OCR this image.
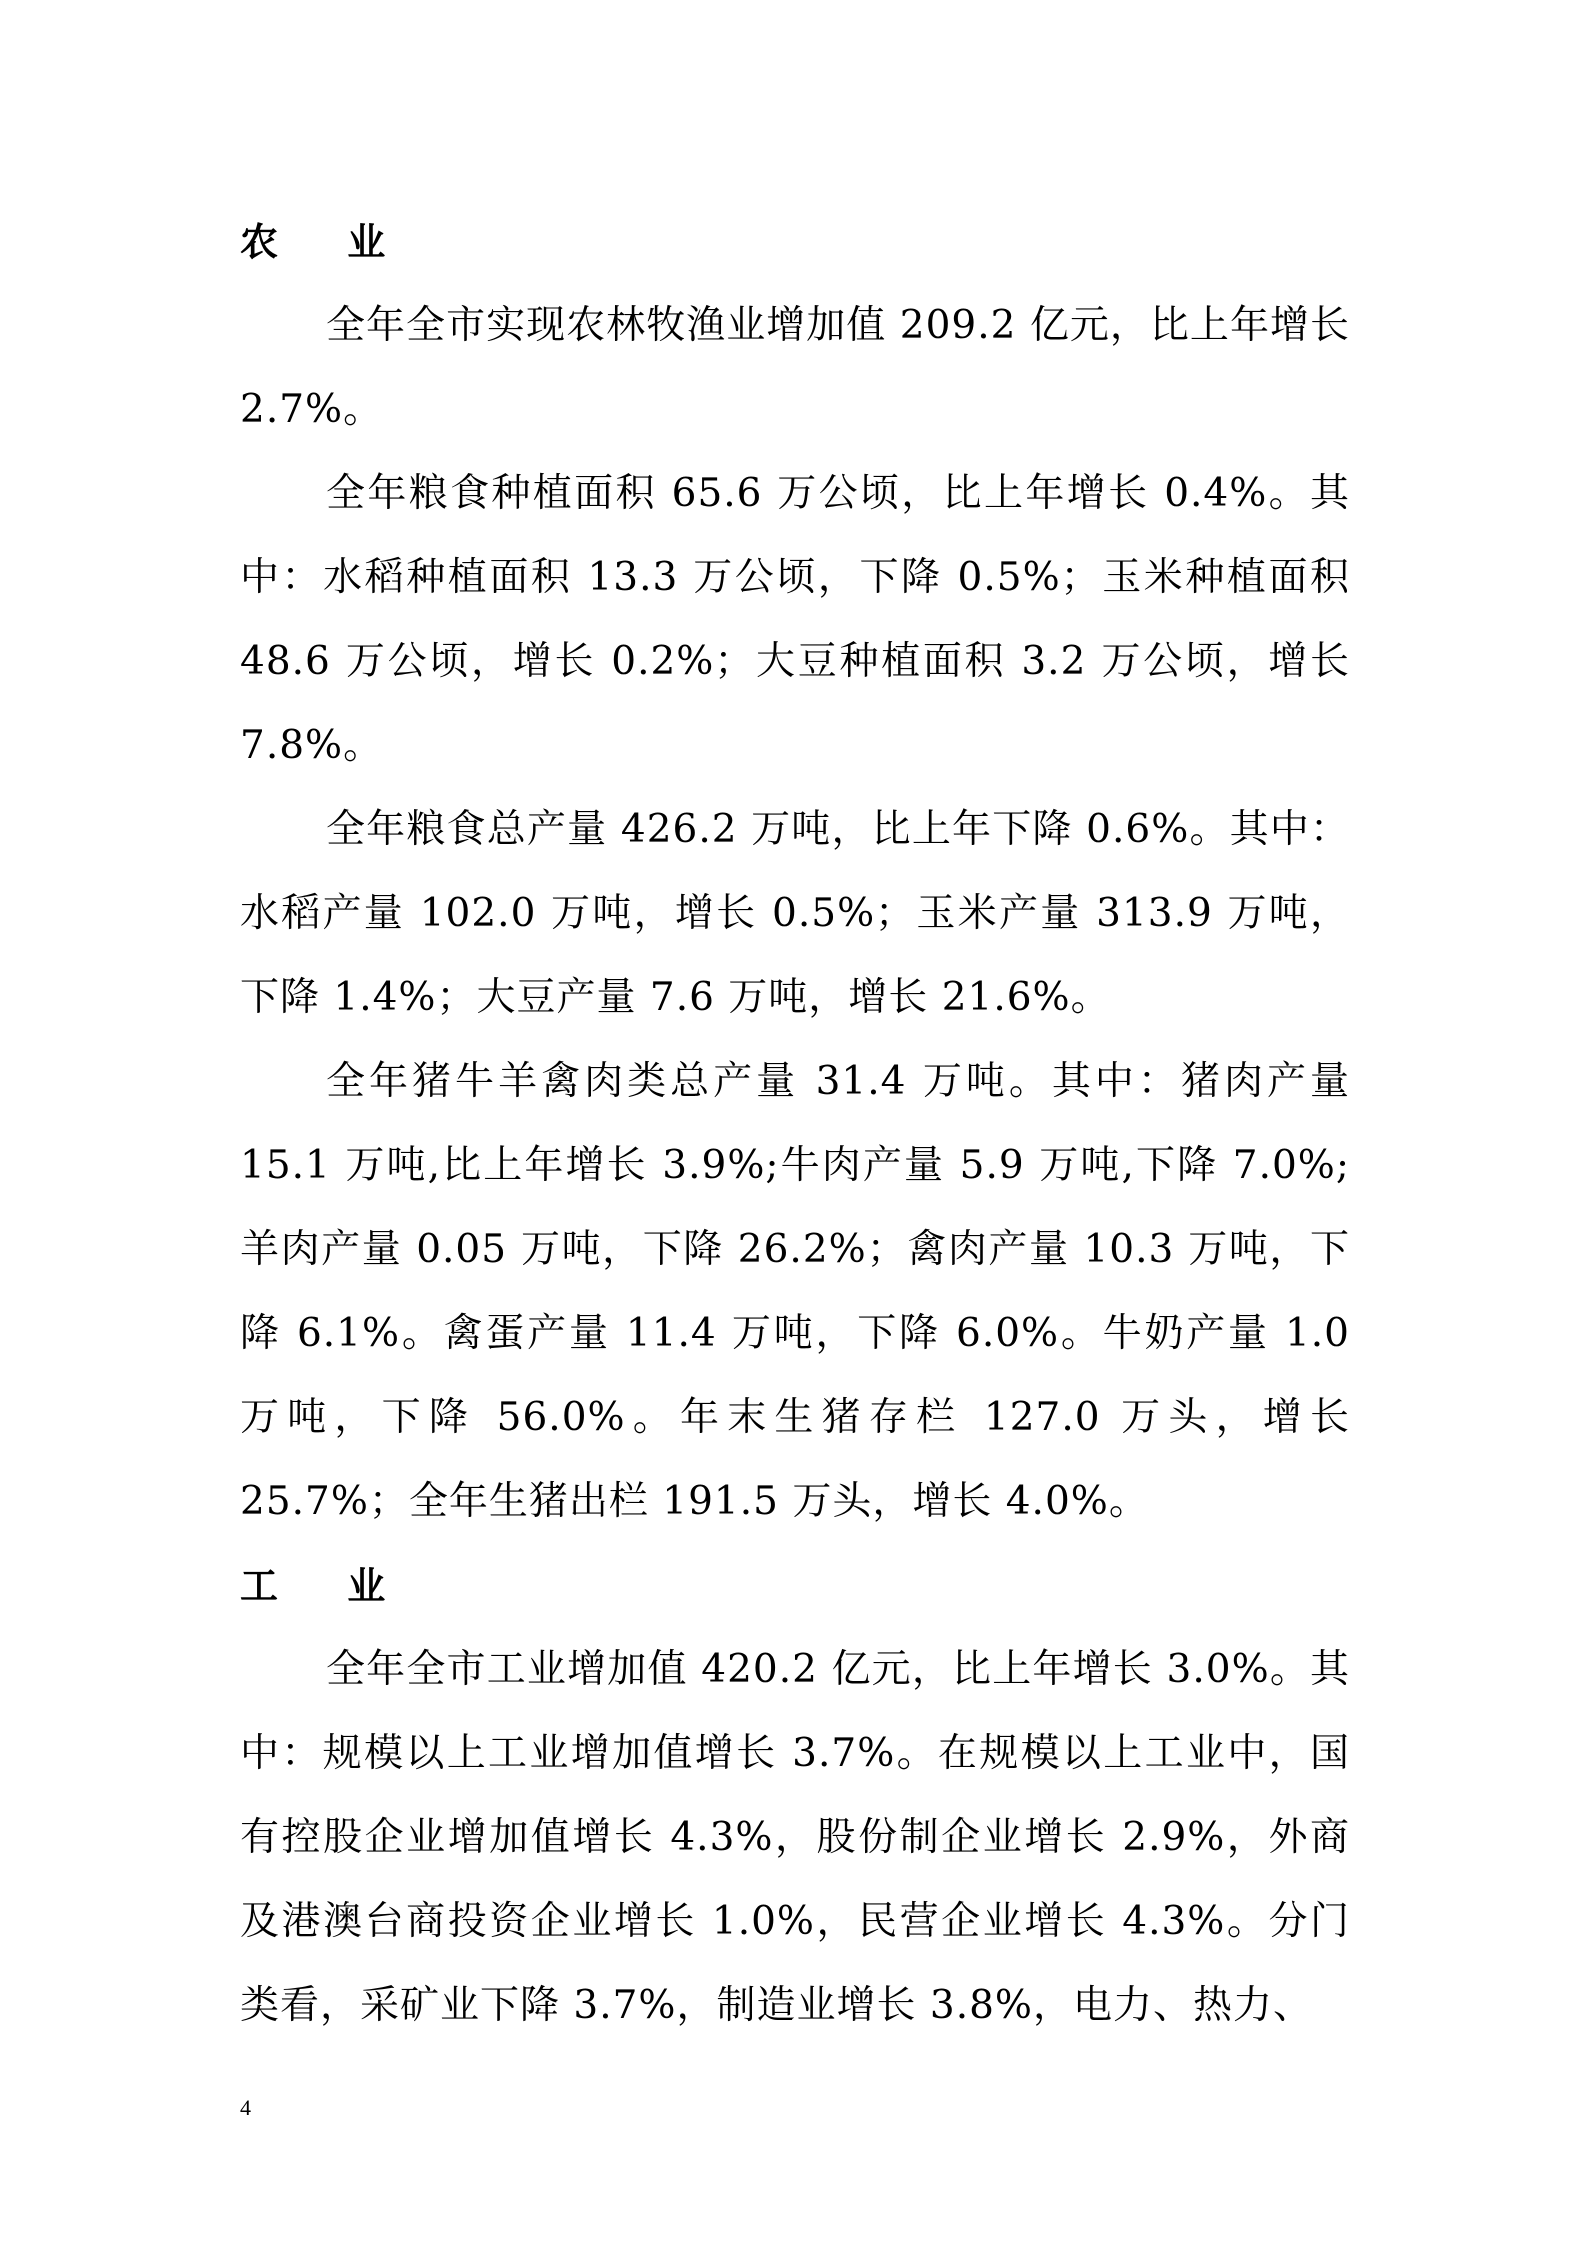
农 业

全年全市实现农林牧渔业增加值 209.2 亿元，比上年增长 2.7%。

全年粮食种植面积 65.6 万公顷，比上年增长 0.4%。其中：水稻种植面积 13.3 万公顷，下降 0.5%；玉米种植面积 48.6 万公顷，增长 0.2%；大豆种植面积 3.2 万公顷，增长 7.8%。

全年粮食总产量 426.2 万吨，比上年下降 0.6%。其中：水稻产量 102.0 万吨，增长 0.5%；玉米产量 313.9 万吨，下降 1.4%；大豆产量 7.6 万吨，增长 21.6%。

全年猪牛羊禽肉类总产量 31.4 万吨。其中：猪肉产量 15.1 万吨,比上年增长 3.9%;牛肉产量 5.9 万吨,下降 7.0%; 羊肉产量 0.05 万吨，下降 26.2%；禽肉产量 10.3 万吨，下降 6.1%。禽蛋产量 11.4 万吨，下降 6.0%。牛奶产量 1.0 万吨，下降 56.0%。年末生猪存栏 127.0 万头，增长 25.7%；全年生猪出栏 191.5 万头，增长 4.0%。

工 业

全年全市工业增加值 420.2 亿元，比上年增长 3.0%。其中：规模以上工业增加值增长 3.7%。在规模以上工业中，国有控股企业增加值增长 4.3%，股份制企业增长 2.9%，外商及港澳台商投资企业增长 1.0%，民营企业增长 4.3%。分门类看，采矿业下降 3.7%，制造业增长 3.8%，电力、热力、

4
